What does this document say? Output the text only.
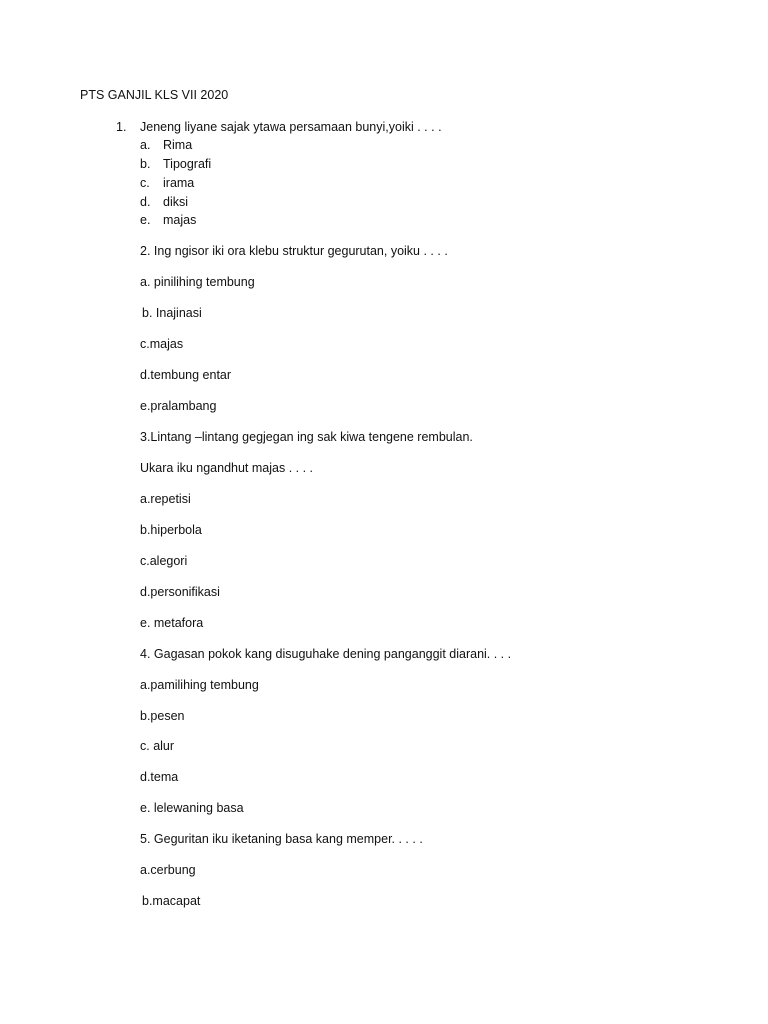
PTS GANJIL KLS VII 2020
1. Jeneng liyane sajak ytawa persamaan bunyi,yoiki . . . .
a. Rima
b. Tipografi
c. irama
d. diksi
e. majas
2. Ing ngisor iki ora klebu struktur gegurutan, yoiku . . . .
a. pinilihing tembung
b. Inajinasi
c.majas
d.tembung entar
e.pralambang
3.Lintang –lintang gegjegan ing sak kiwa tengene rembulan.
Ukara iku ngandhut majas . . . .
a.repetisi
b.hiperbola
c.alegori
d.personifikasi
e. metafora
4. Gagasan pokok kang disuguhake dening panganggit diarani. . . .
a.pamilihing tembung
b.pesen
c. alur
d.tema
e. lelewaning basa
5. Geguritan iku iketaning basa kang memper. . . . .
a.cerbung
b.macapat
